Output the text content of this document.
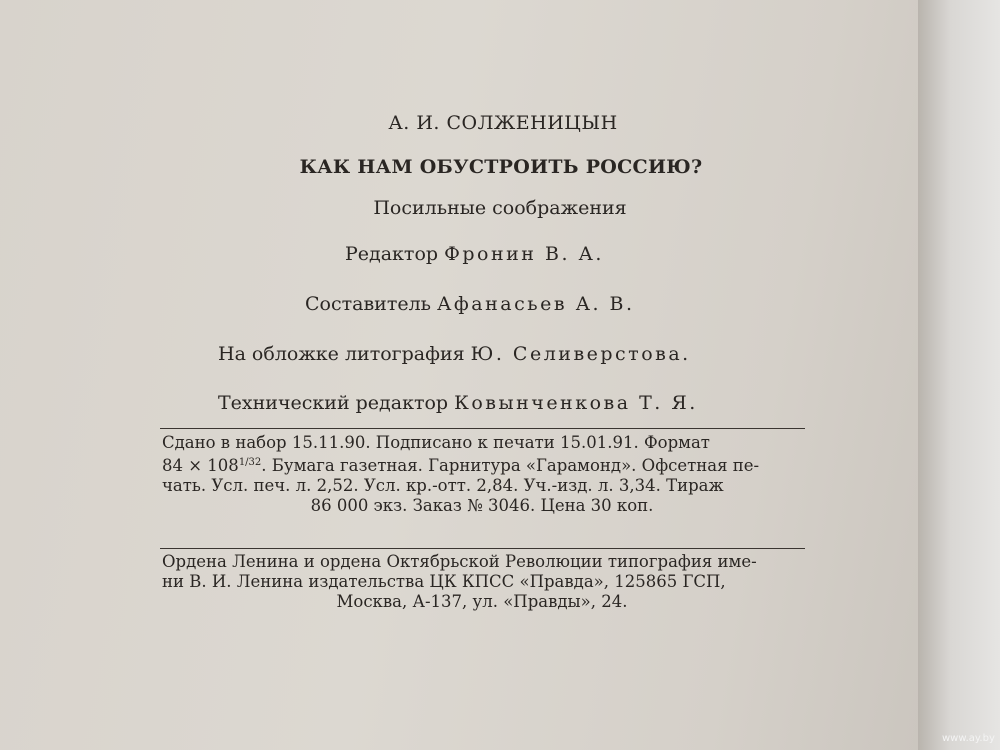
А. И. СОЛЖЕНИЦЫН
КАК НАМ ОБУСТРОИТЬ РОССИЮ?
Посильные соображения
Редактор Фронин В. А.
Составитель Афанасьев А. В.
На обложке литография Ю. Селиверстова.
Технический редактор Ковынченкова Т. Я.
Сдано в набор 15.11.90. Подписано к печати 15.01.91. Формат
$84 \times 108^{1/32}$. Бумага газетная. Гарнитура «Гарамонд». Офсетная пе-
чать. Усл. печ. л. 2,52. Усл. кр.-отт. 2,84. Уч.-изд. л. 3,34. Тираж
86 000 экз. Заказ № 3046. Цена 30 коп.
Ордена Ленина и ордена Октябрьской Революции типография име-
ни В. И. Ленина издательства ЦК КПСС «Правда», 125865 ГСП,
Москва, А-137, ул. «Правды», 24.
www.ay.by
